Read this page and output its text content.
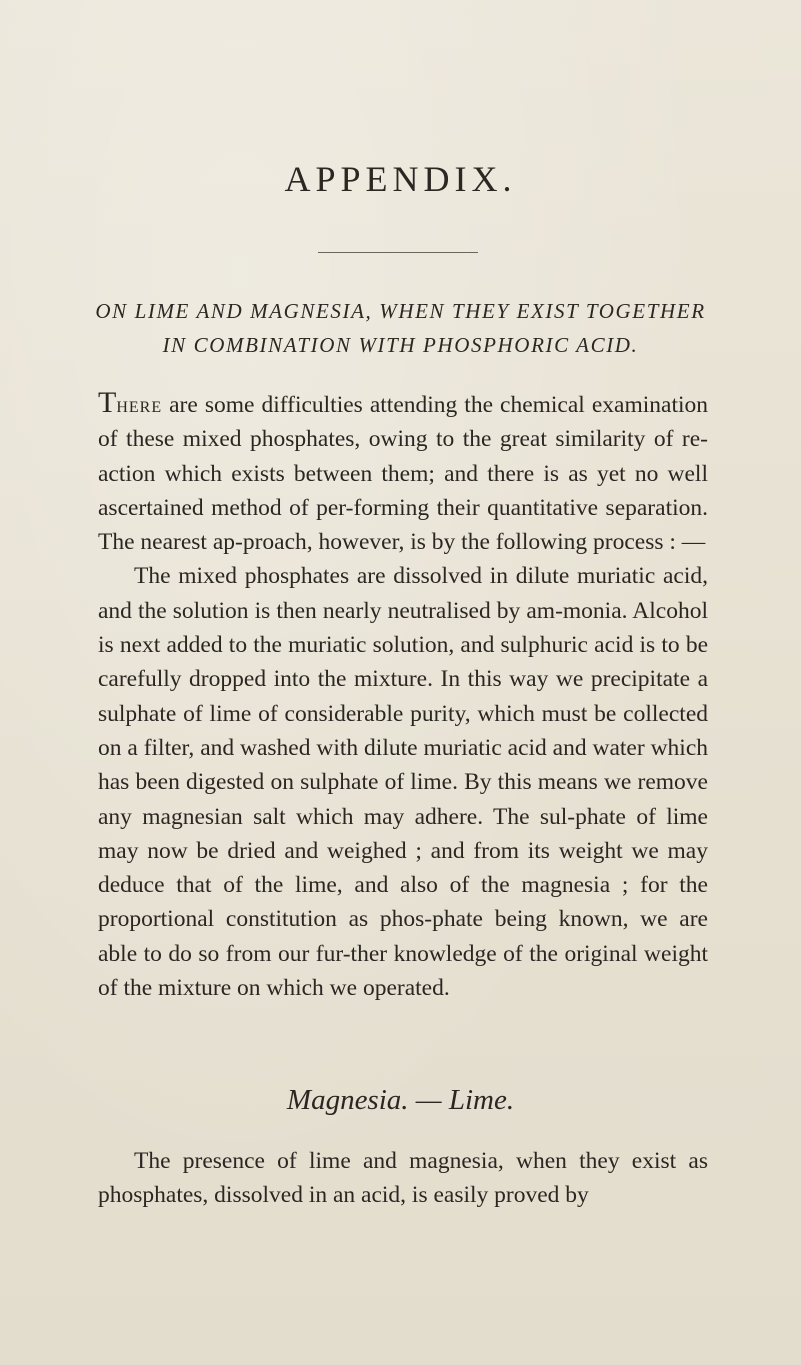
APPENDIX.
ON LIME AND MAGNESIA, WHEN THEY EXIST TOGETHER
IN COMBINATION WITH PHOSPHORIC ACID.

There are some difficulties attending the chemical examination of these mixed phosphates, owing to the great similarity of re-action which exists between them; and there is as yet no well ascertained method of per-forming their quantitative separation. The nearest ap-proach, however, is by the following process : —

The mixed phosphates are dissolved in dilute muriatic acid, and the solution is then nearly neutralised by am-monia. Alcohol is next added to the muriatic solution, and sulphuric acid is to be carefully dropped into the mixture. In this way we precipitate a sulphate of lime of considerable purity, which must be collected on a filter, and washed with dilute muriatic acid and water which has been digested on sulphate of lime. By this means we remove any magnesian salt which may adhere. The sul-phate of lime may now be dried and weighed ; and from its weight we may deduce that of the lime, and also of the magnesia ; for the proportional constitution as phos-phate being known, we are able to do so from our fur-ther knowledge of the original weight of the mixture on which we operated.

Magnesia. — Lime.

The presence of lime and magnesia, when they exist as phosphates, dissolved in an acid, is easily proved by
